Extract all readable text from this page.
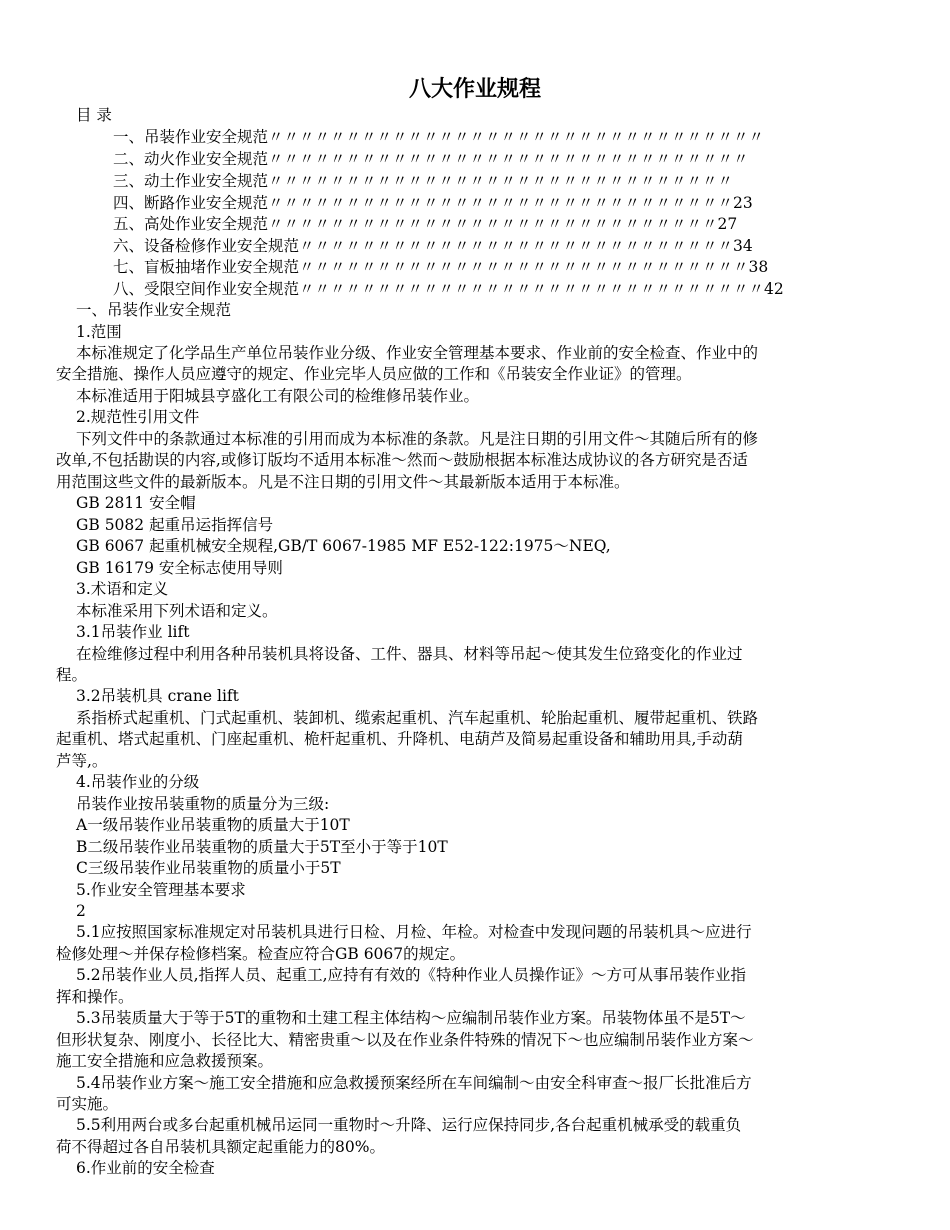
八大作业规程
目 录
一、吊装作业安全规范〃〃〃〃〃〃〃〃〃〃〃〃〃〃〃〃〃〃〃〃〃〃〃〃〃〃〃〃〃〃〃〃
二、动火作业安全规范〃〃〃〃〃〃〃〃〃〃〃〃〃〃〃〃〃〃〃〃〃〃〃〃〃〃〃〃〃〃〃
三、动土作业安全规范〃〃〃〃〃〃〃〃〃〃〃〃〃〃〃〃〃〃〃〃〃〃〃〃〃〃〃〃〃〃
四、断路作业安全规范〃〃〃〃〃〃〃〃〃〃〃〃〃〃〃〃〃〃〃〃〃〃〃〃〃〃〃〃〃〃23
五、高处作业安全规范〃〃〃〃〃〃〃〃〃〃〃〃〃〃〃〃〃〃〃〃〃〃〃〃〃〃〃〃〃27
六、设备检修作业安全规范〃〃〃〃〃〃〃〃〃〃〃〃〃〃〃〃〃〃〃〃〃〃〃〃〃〃〃〃34
七、盲板抽堵作业安全规范〃〃〃〃〃〃〃〃〃〃〃〃〃〃〃〃〃〃〃〃〃〃〃〃〃〃〃〃〃38
八、受限空间作业安全规范〃〃〃〃〃〃〃〃〃〃〃〃〃〃〃〃〃〃〃〃〃〃〃〃〃〃〃〃〃〃42
一、吊装作业安全规范
1.范围
本标准规定了化学品生产单位吊装作业分级、作业安全管理基本要求、作业前的安全检查、作业中的
安全措施、操作人员应遵守的规定、作业完毕人员应做的工作和《吊装安全作业证》的管理。
本标准适用于阳城县亨盛化工有限公司的检维修吊装作业。
2.规范性引用文件
下列文件中的条款通过本标准的引用而成为本标准的条款。凡是注日期的引用文件～其随后所有的修
改单,不包括勘误的内容,或修订版均不适用本标准～然而～鼓励根据本标准达成协议的各方研究是否适
用范围这些文件的最新版本。凡是不注日期的引用文件～其最新版本适用于本标准。
GB 2811 安全帽
GB 5082 起重吊运指挥信号
GB 6067 起重机械安全规程,GB/T 6067-1985 MF E52-122:1975～NEQ,
GB 16179 安全标志使用导则
3.术语和定义
本标准采用下列术语和定义。
3.1吊装作业 lift
在检维修过程中利用各种吊装机具将设备、工件、器具、材料等吊起～使其发生位臵变化的作业过
程。
3.2吊装机具 crane lift
系指桥式起重机、门式起重机、装卸机、缆索起重机、汽车起重机、轮胎起重机、履带起重机、铁路
起重机、塔式起重机、门座起重机、桅杆起重机、升降机、电葫芦及简易起重设备和辅助用具,手动葫
芦等,。
4.吊装作业的分级
吊装作业按吊装重物的质量分为三级:
A一级吊装作业吊装重物的质量大于10T
B二级吊装作业吊装重物的质量大于5T至小于等于10T
C三级吊装作业吊装重物的质量小于5T
5.作业安全管理基本要求
2
5.1应按照国家标准规定对吊装机具进行日检、月检、年检。对检查中发现问题的吊装机具～应进行
检修处理～并保存检修档案。检查应符合GB 6067的规定。
5.2吊装作业人员,指挥人员、起重工,应持有有效的《特种作业人员操作证》～方可从事吊装作业指
挥和操作。
5.3吊装质量大于等于5T的重物和土建工程主体结构～应编制吊装作业方案。吊装物体虽不是5T～
但形状复杂、刚度小、长径比大、精密贵重～以及在作业条件特殊的情况下～也应编制吊装作业方案～
施工安全措施和应急救援预案。
5.4吊装作业方案～施工安全措施和应急救援预案经所在车间编制～由安全科审查～报厂长批准后方
可实施。
5.5利用两台或多台起重机械吊运同一重物时～升降、运行应保持同步,各台起重机械承受的载重负
荷不得超过各自吊装机具额定起重能力的80%。
6.作业前的安全检查
